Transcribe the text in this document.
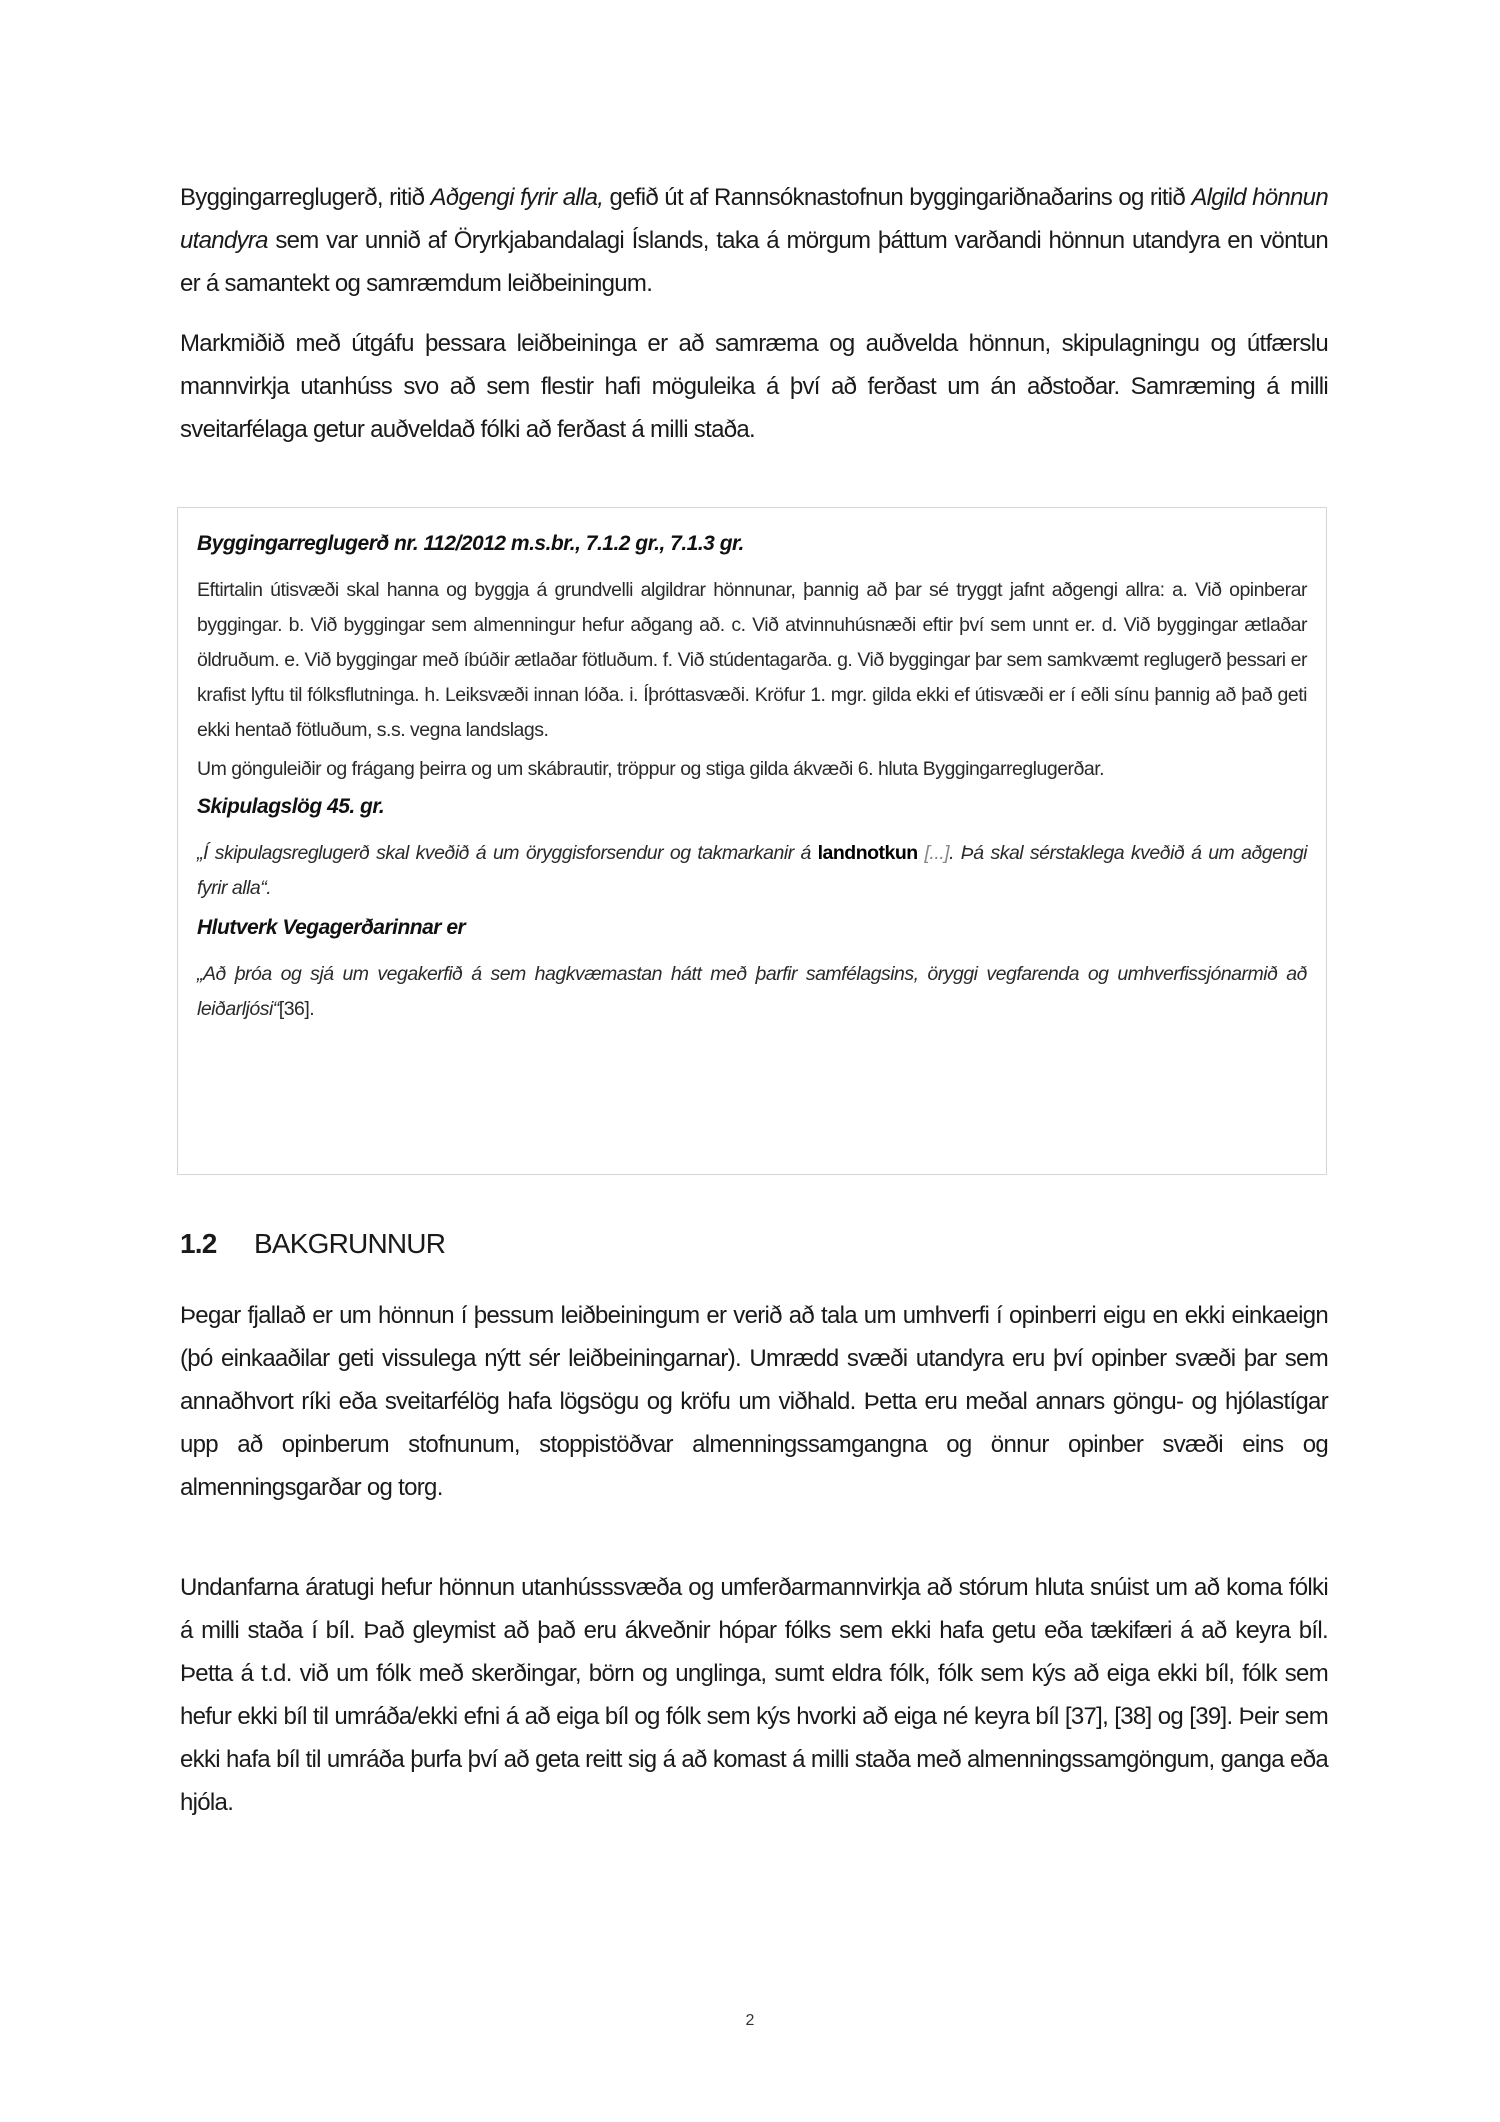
Byggingarreglugerð, ritið Aðgengi fyrir alla, gefið út af Rannsóknastofnun byggingariðnaðarins og ritið Algild hönnun utandyra sem var unnið af Öryrkjabandalagi Íslands, taka á mörgum þáttum varðandi hönnun utandyra en vöntun er á samantekt og samræmdum leiðbeiningum.

Markmiðið með útgáfu þessara leiðbeininga er að samræma og auðvelda hönnun, skipulagningu og útfærslu mannvirkja utanhúss svo að sem flestir hafi möguleika á því að ferðast um án aðstoðar. Samræming á milli sveitarfélaga getur auðveldað fólki að ferðast á milli staða.

Byggingarreglugerð nr. 112/2012 m.s.br., 7.1.2 gr., 7.1.3 gr.

Eftirtalin útisvæði skal hanna og byggja á grundvelli algildrar hönnunar, þannig að þar sé tryggt jafnt aðgengi allra: a. Við opinberar byggingar. b. Við byggingar sem almenningur hefur aðgang að. c. Við atvinnuhúsnæði eftir því sem unnt er. d. Við byggingar ætlaðar öldruðum. e. Við byggingar með íbúðir ætlaðar fötluðum. f. Við stúdentagarða. g. Við byggingar þar sem samkvæmt reglugerð þessari er krafist lyftu til fólksflutninga. h. Leiksvæði innan lóða. i. Íþróttasvæði. Kröfur 1. mgr. gilda ekki ef útisvæði er í eðli sínu þannig að það geti ekki hentað fötluðum, s.s. vegna landslags.

Um gönguleiðir og frágang þeirra og um skábrautir, tröppur og stiga gilda ákvæði 6. hluta Byggingarreglugerðar.

Skipulagslög 45. gr.

„Í skipulagsreglugerð skal kveðið á um öryggisforsendur og takmarkanir á landnotkun [...]. Þá skal sérstaklega kveðið á um aðgengi fyrir alla“.

Hlutverk Vegagerðarinnar er

„Að þróa og sjá um vegakerfið á sem hagkvæmastan hátt með þarfir samfélagsins, öryggi vegfarenda og umhverfissjónarmið að leiðarljósi“[36].

1.2 BAKGRUNNUR

Þegar fjallað er um hönnun í þessum leiðbeiningum er verið að tala um umhverfi í opinberri eigu en ekki einkaeign (þó einkaaðilar geti vissulega nýtt sér leiðbeiningarnar). Umrædd svæði utandyra eru því opinber svæði þar sem annaðhvort ríki eða sveitarfélög hafa lögsögu og kröfu um viðhald. Þetta eru meðal annars göngu- og hjólastígar upp að opinberum stofnunum, stoppistöðvar almenningssamgangna og önnur opinber svæði eins og almenningsgarðar og torg.

Undanfarna áratugi hefur hönnun utanhússsvæða og umferðarmannvirkja að stórum hluta snúist um að koma fólki á milli staða í bíl. Það gleymist að það eru ákveðnir hópar fólks sem ekki hafa getu eða tækifæri á að keyra bíl. Þetta á t.d. við um fólk með skerðingar, börn og unglinga, sumt eldra fólk, fólk sem kýs að eiga ekki bíl, fólk sem hefur ekki bíl til umráða/ekki efni á að eiga bíl og fólk sem kýs hvorki að eiga né keyra bíl [37], [38] og [39]. Þeir sem ekki hafa bíl til umráða þurfa því að geta reitt sig á að komast á milli staða með almenningssamgöngum, ganga eða hjóla.

2
